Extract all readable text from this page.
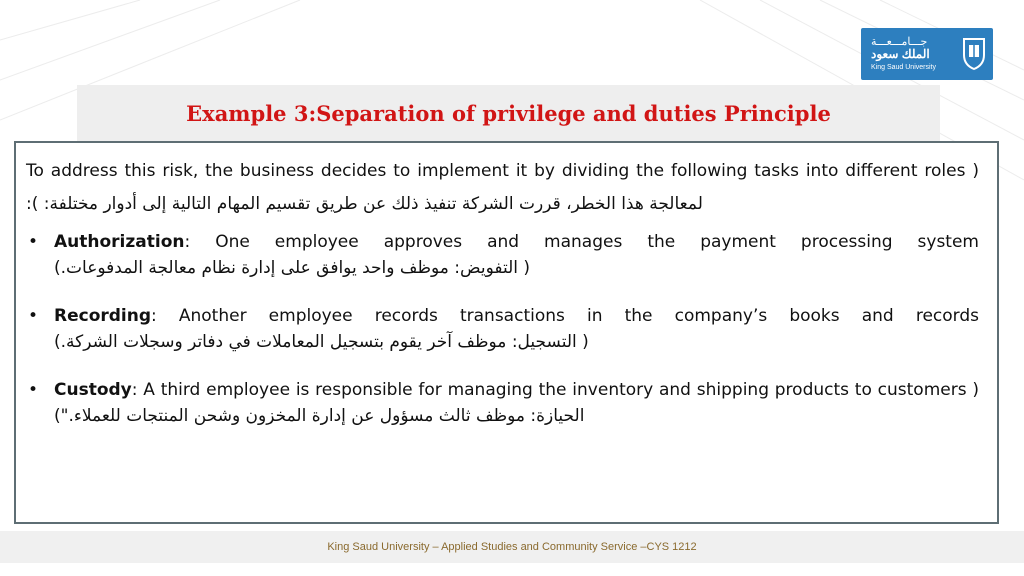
جـــامـــعـــة
الملك سعود
King Saud University
Example 3:Separation of privilege and duties Principle

To address this risk, the business decides to implement it by dividing the following tasks into different roles ( لمعالجة هذا الخطر، قررت الشركة تنفيذ ذلك عن طريق تقسيم المهام التالية إلى أدوار مختلفة: ):

• Authorization: One employee approves and manages the payment processing system
( التفويض: موظف واحد يوافق على إدارة نظام معالجة المدفوعات.)
• Recording: Another employee records transactions in the company’s books and records
( التسجيل: موظف آخر يقوم بتسجيل المعاملات في دفاتر وسجلات الشركة.)
• Custody: A third employee is responsible for managing the inventory and shipping products to customers ( الحيازة: موظف ثالث مسؤول عن إدارة المخزون وشحن المنتجات للعملاء.")
King Saud University – Applied Studies and Community Service –CYS 1212
